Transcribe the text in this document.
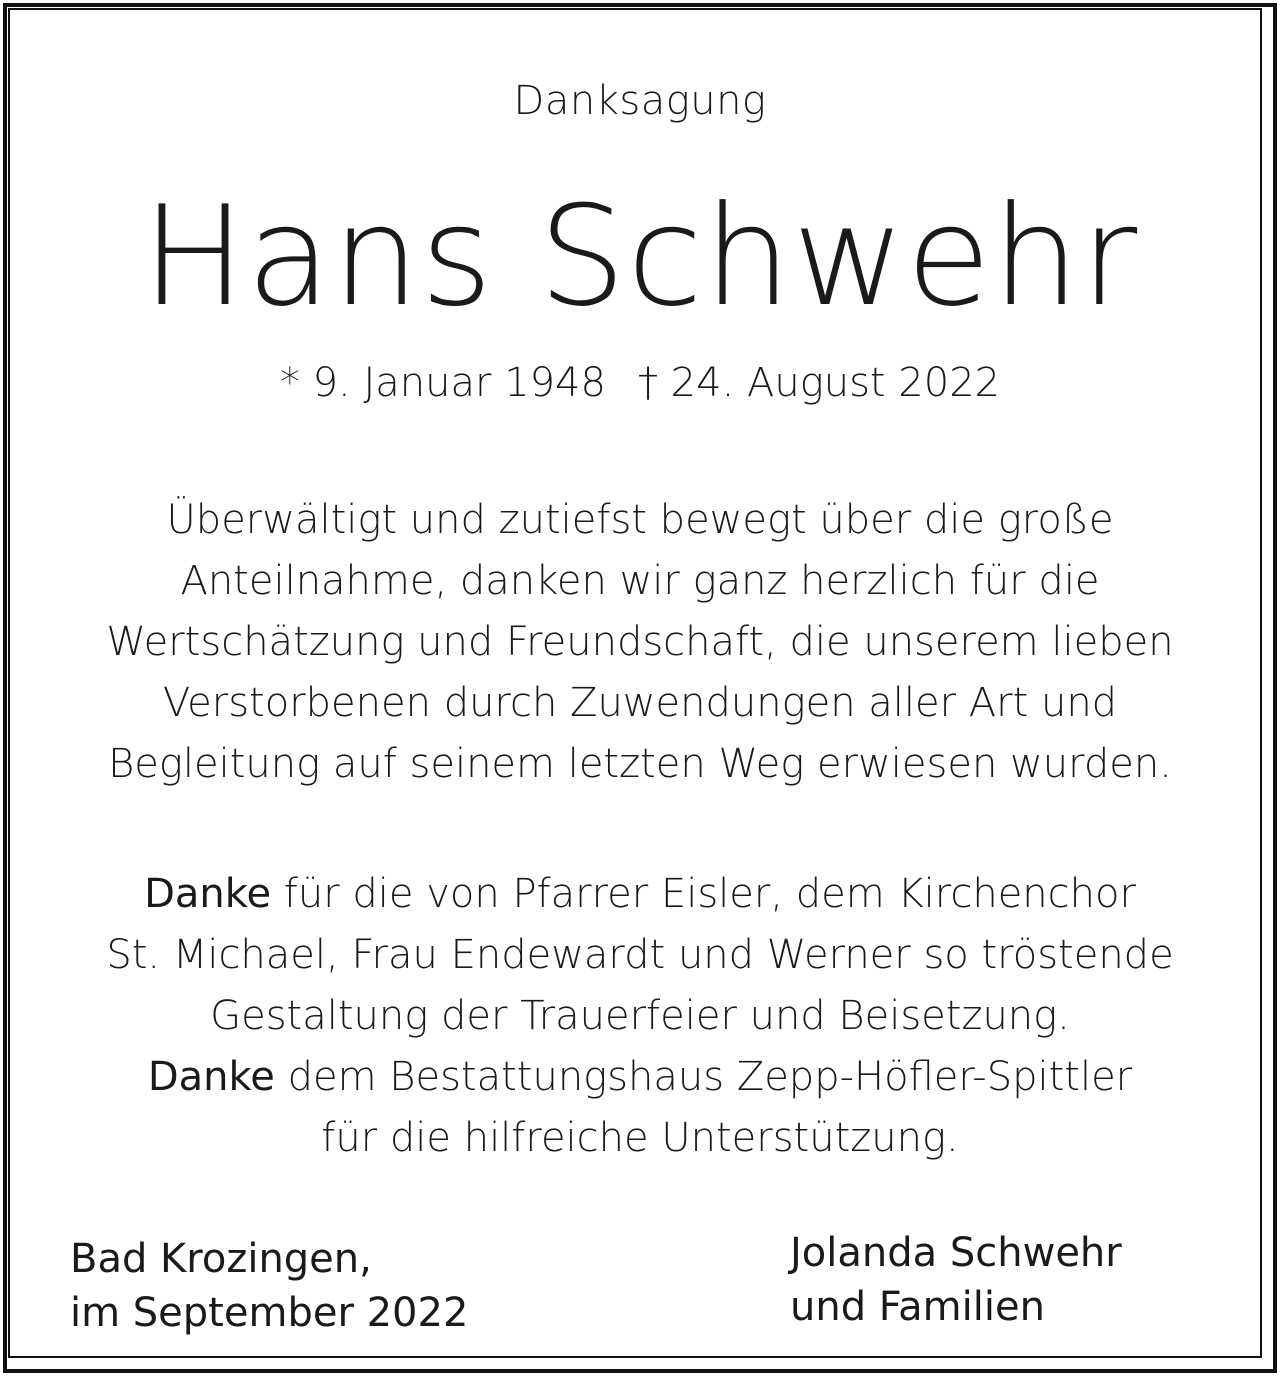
Danksagung
Hans Schwehr
* 9. Januar 1948 † 24. August 2022
Überwältigt und zutiefst bewegt über die große
Anteilnahme, danken wir ganz herzlich für die
Wertschätzung und Freundschaft, die unserem lieben
Verstorbenen durch Zuwendungen aller Art und
Begleitung auf seinem letzten Weg erwiesen wurden.
Danke für die von Pfarrer Eisler, dem Kirchenchor
St. Michael, Frau Endewardt und Werner so tröstende
Gestaltung der Trauerfeier und Beisetzung.
Danke dem Bestattungshaus Zepp-Höfler-Spittler
für die hilfreiche Unterstützung.
Bad Krozingen,
im September 2022
Jolanda Schwehr
und Familien
